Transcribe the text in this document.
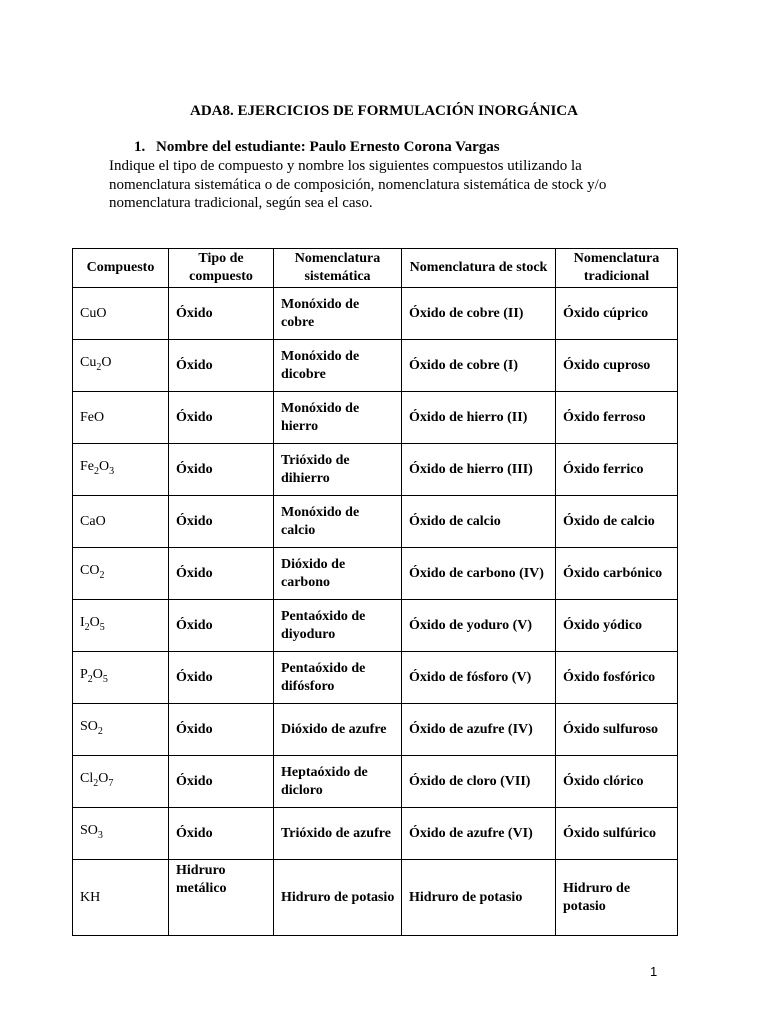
ADA8. EJERCICIOS DE FORMULACIÓN INORGÁNICA
1. Nombre del estudiante: Paulo Ernesto Corona Vargas
Indique el tipo de compuesto y nombre los siguientes compuestos utilizando la
nomenclatura sistemática o de composición, nomenclatura sistemática de stock y/o
nomenclatura tradicional, según sea el caso.
Compuesto	Tipo de compuesto	Nomenclatura sistemática	Nomenclatura de stock	Nomenclatura tradicional
CuO	Óxido	Monóxido de cobre	Óxido de cobre (II)	Óxido cúprico
$Cu_2O$	Óxido	Monóxido de dicobre	Óxido de cobre (I)	Óxido cuproso
FeO	Óxido	Monóxido de hierro	Óxido de hierro (II)	Óxido ferroso
$Fe_2O_3$	Óxido	Trióxido de dihierro	Óxido de hierro (III)	Óxido ferrico
CaO	Óxido	Monóxido de calcio	Óxido de calcio	Óxido de calcio
$CO_2$	Óxido	Dióxido de carbono	Óxido de carbono (IV)	Óxido carbónico
$I_2O_5$	Óxido	Pentaóxido de diyoduro	Óxido de yoduro (V)	Óxido yódico
$P_2O_5$	Óxido	Pentaóxido de difósforo	Óxido de fósforo (V)	Óxido fosfórico
$SO_2$	Óxido	Dióxido de azufre	Óxido de azufre (IV)	Óxido sulfuroso
$Cl_2O_7$	Óxido	Heptaóxido de dicloro	Óxido de cloro (VII)	Óxido clórico
$SO_3$	Óxido	Trióxido de azufre	Óxido de azufre (VI)	Óxido sulfúrico
KH	Hidruro metálico	Hidruro de potasio	Hidruro de potasio	Hidruro de potasio
1
